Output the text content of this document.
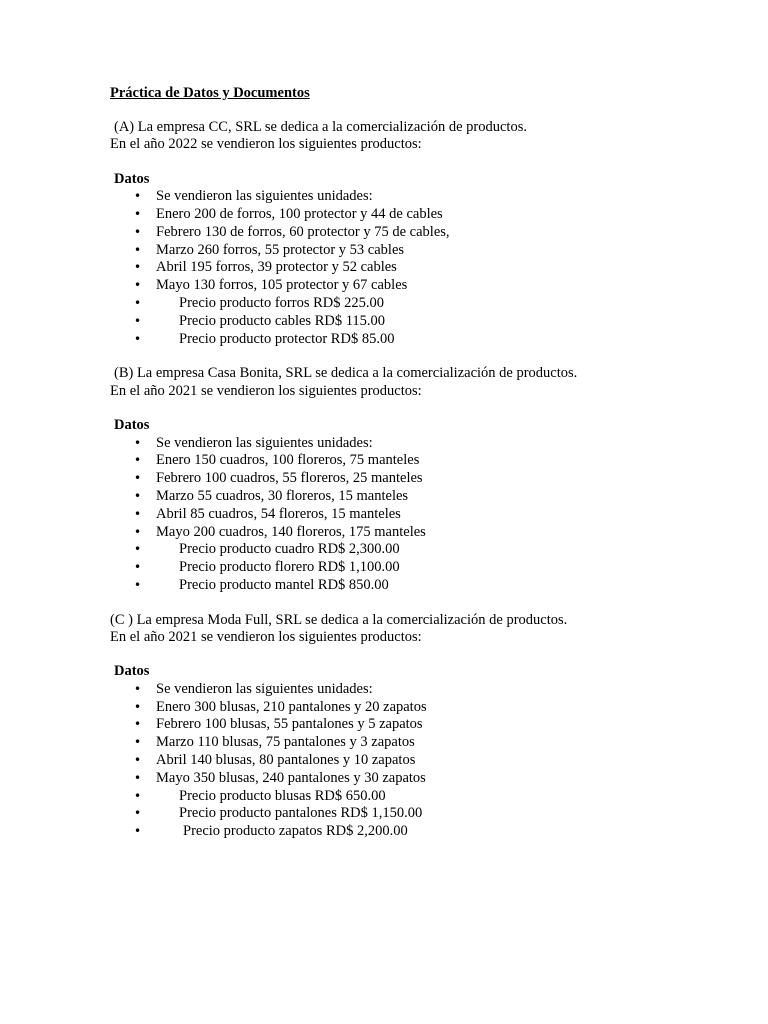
Práctica de Datos y Documentos

(A) La empresa CC, SRL se dedica a la comercialización de productos.

En el año 2022 se vendieron los siguientes productos:

Datos

• Se vendieron las siguientes unidades:
• Enero 200 de forros, 100 protector y 44 de cables
• Febrero 130 de forros, 60 protector y 75 de cables,
• Marzo 260 forros, 55 protector y 53 cables
• Abril 195 forros, 39 protector y 52 cables
• Mayo 130 forros, 105 protector y 67 cables
•	Precio producto forros RD$ 225.00
•	Precio producto cables RD$ 115.00
•	Precio producto protector RD$ 85.00

(B) La empresa Casa Bonita, SRL se dedica a la comercialización de productos.

En el año 2021 se vendieron los siguientes productos:

Datos

• Se vendieron las siguientes unidades:
• Enero 150 cuadros, 100 floreros, 75 manteles
• Febrero 100 cuadros, 55 floreros, 25 manteles
• Marzo 55 cuadros, 30 floreros, 15 manteles
• Abril 85 cuadros, 54 floreros, 15 manteles
• Mayo 200 cuadros, 140 floreros, 175 manteles
•	Precio producto cuadro RD$ 2,300.00
•	Precio producto florero RD$ 1,100.00
•	Precio producto mantel RD$ 850.00

(C ) La empresa Moda Full, SRL se dedica a la comercialización de productos.

En el año 2021 se vendieron los siguientes productos:

Datos

• Se vendieron las siguientes unidades:
• Enero 300 blusas, 210 pantalones y 20 zapatos
• Febrero 100 blusas, 55 pantalones y 5 zapatos
• Marzo 110 blusas, 75 pantalones y 3 zapatos
• Abril 140 blusas, 80 pantalones y 10 zapatos
• Mayo 350 blusas, 240 pantalones y 30 zapatos
•	Precio producto blusas RD$ 650.00
•	Precio producto pantalones RD$ 1,150.00
•	Precio producto zapatos RD$ 2,200.00
